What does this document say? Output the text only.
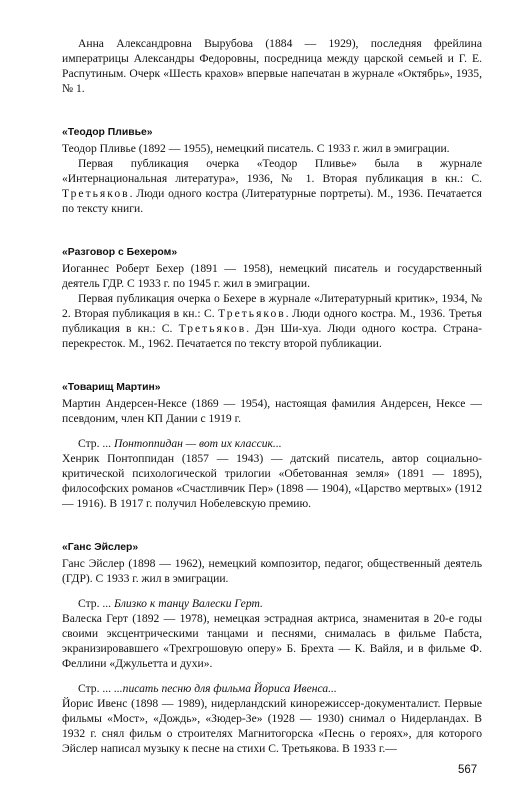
Анна Александровна Вырубова (1884 — 1929), последняя фрейлина императрицы Александры Федоровны, посредница между царской семьей и Г. Е. Распутиным. Очерк «Шесть крахов» впервые напечатан в журнале «Октябрь», 1935, № 1.

«Теодор Пливье»

Теодор Пливье (1892 — 1955), немецкий писатель. С 1933 г. жил в эмиграции.

Первая публикация очерка «Теодор Пливье» была в журнале «Интернациональная литература», 1936, № 1. Вторая публикация в кн.: С. Третьяков. Люди одного костра (Литературные портреты). М., 1936. Печатается по тексту книги.

«Разговор с Бехером»

Иоганнес Роберт Бехер (1891 — 1958), немецкий писатель и государственный деятель ГДР. С 1933 г. по 1945 г. жил в эмиграции.

Первая публикация очерка о Бехере в журнале «Литературный критик», 1934, № 2. Вторая публикация в кн.: С. Третьяков. Люди одного костра. М., 1936. Третья публикация в кн.: С. Третьяков. Дэн Ши-хуа. Люди одного костра. Страна-перекресток. М., 1962. Печатается по тексту второй публикации.

«Товарищ Мартин»

Мартин Андерсен-Нексе (1869 — 1954), настоящая фамилия Андерсен, Нексе — псевдоним, член КП Дании с 1919 г.

Стр. ... Понтоппидан — вот их классик...

Хенрик Понтоппидан (1857 — 1943) — датский писатель, автор социально-критической психологической трилогии «Обетованная земля» (1891 — 1895), философских романов «Счастливчик Пер» (1898 — 1904), «Царство мертвых» (1912 — 1916). В 1917 г. получил Нобелевскую премию.

«Ганс Эйслер»

Ганс Эйслер (1898 — 1962), немецкий композитор, педагог, общественный деятель (ГДР). С 1933 г. жил в эмиграции.

Стр. ... Близко к танцу Валески Герт.

Валеска Герт (1892 — 1978), немецкая эстрадная актриса, знаменитая в 20-е годы своими эксцентрическими танцами и песнями, снималась в фильме Пабста, экранизировавшего «Трехгрошовую оперу» Б. Брехта — К. Вайля, и в фильме Ф. Феллини «Джульетта и духи».

Стр. ... ...писать песню для фильма Йориса Ивенса...

Йорис Ивенс (1898 — 1989), нидерландский кинорежиссер-документалист. Первые фильмы «Мост», «Дождь», «Зюдер-Зе» (1928 — 1930) снимал о Нидерландах. В 1932 г. снял фильм о строителях Магнитогорска «Песнь о героях», для которого Эйслер написал музыку к песне на стихи С. Третьякова. В 1933 г.—

567
